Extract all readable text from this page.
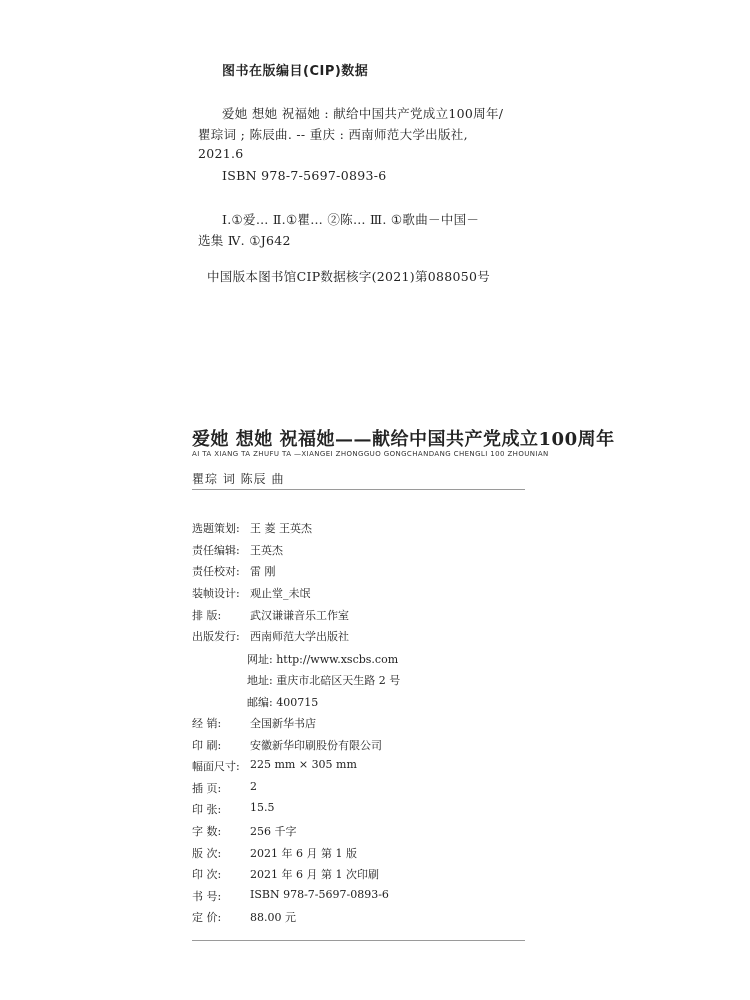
图书在版编目(CIP)数据
爱她 想她 祝福她 : 献给中国共产党成立100周年/
瞿琮词 ; 陈辰曲. -- 重庆 : 西南师范大学出版社,
2021.6
ISBN 978-7-5697-0893-6
Ⅰ.①爱… Ⅱ.①瞿… ②陈… Ⅲ. ①歌曲－中国－
选集 Ⅳ. ①J642
中国版本图书馆CIP数据核字(2021)第088050号
爱她 想她 祝福她——献给中国共产党成立100周年
AI TA XIANG TA ZHUFU TA —XIANGEI ZHONGGUO GONGCHANDANG CHENGLI 100 ZHOUNIAN
瞿琮 词 陈辰 曲
选题策划: 王 菱 王英杰
责任编辑: 王英杰
责任校对: 雷 刚
装帧设计: 观止堂_未氓
排 版:	武汉谦谦音乐工作室
出版发行: 西南师范大学出版社
网址: http://www.xscbs.com
地址: 重庆市北碚区天生路 2 号
邮编: 400715
经 销:	全国新华书店
印 刷:	安徽新华印刷股份有限公司
幅面尺寸: 225 mm × 305 mm
插 页:	2
印 张:	15.5
字 数:	256 千字
版 次:	2021 年 6 月 第 1 版
印 次:	2021 年 6 月 第 1 次印刷
书 号:	ISBN 978-7-5697-0893-6
定 价:	88.00 元
